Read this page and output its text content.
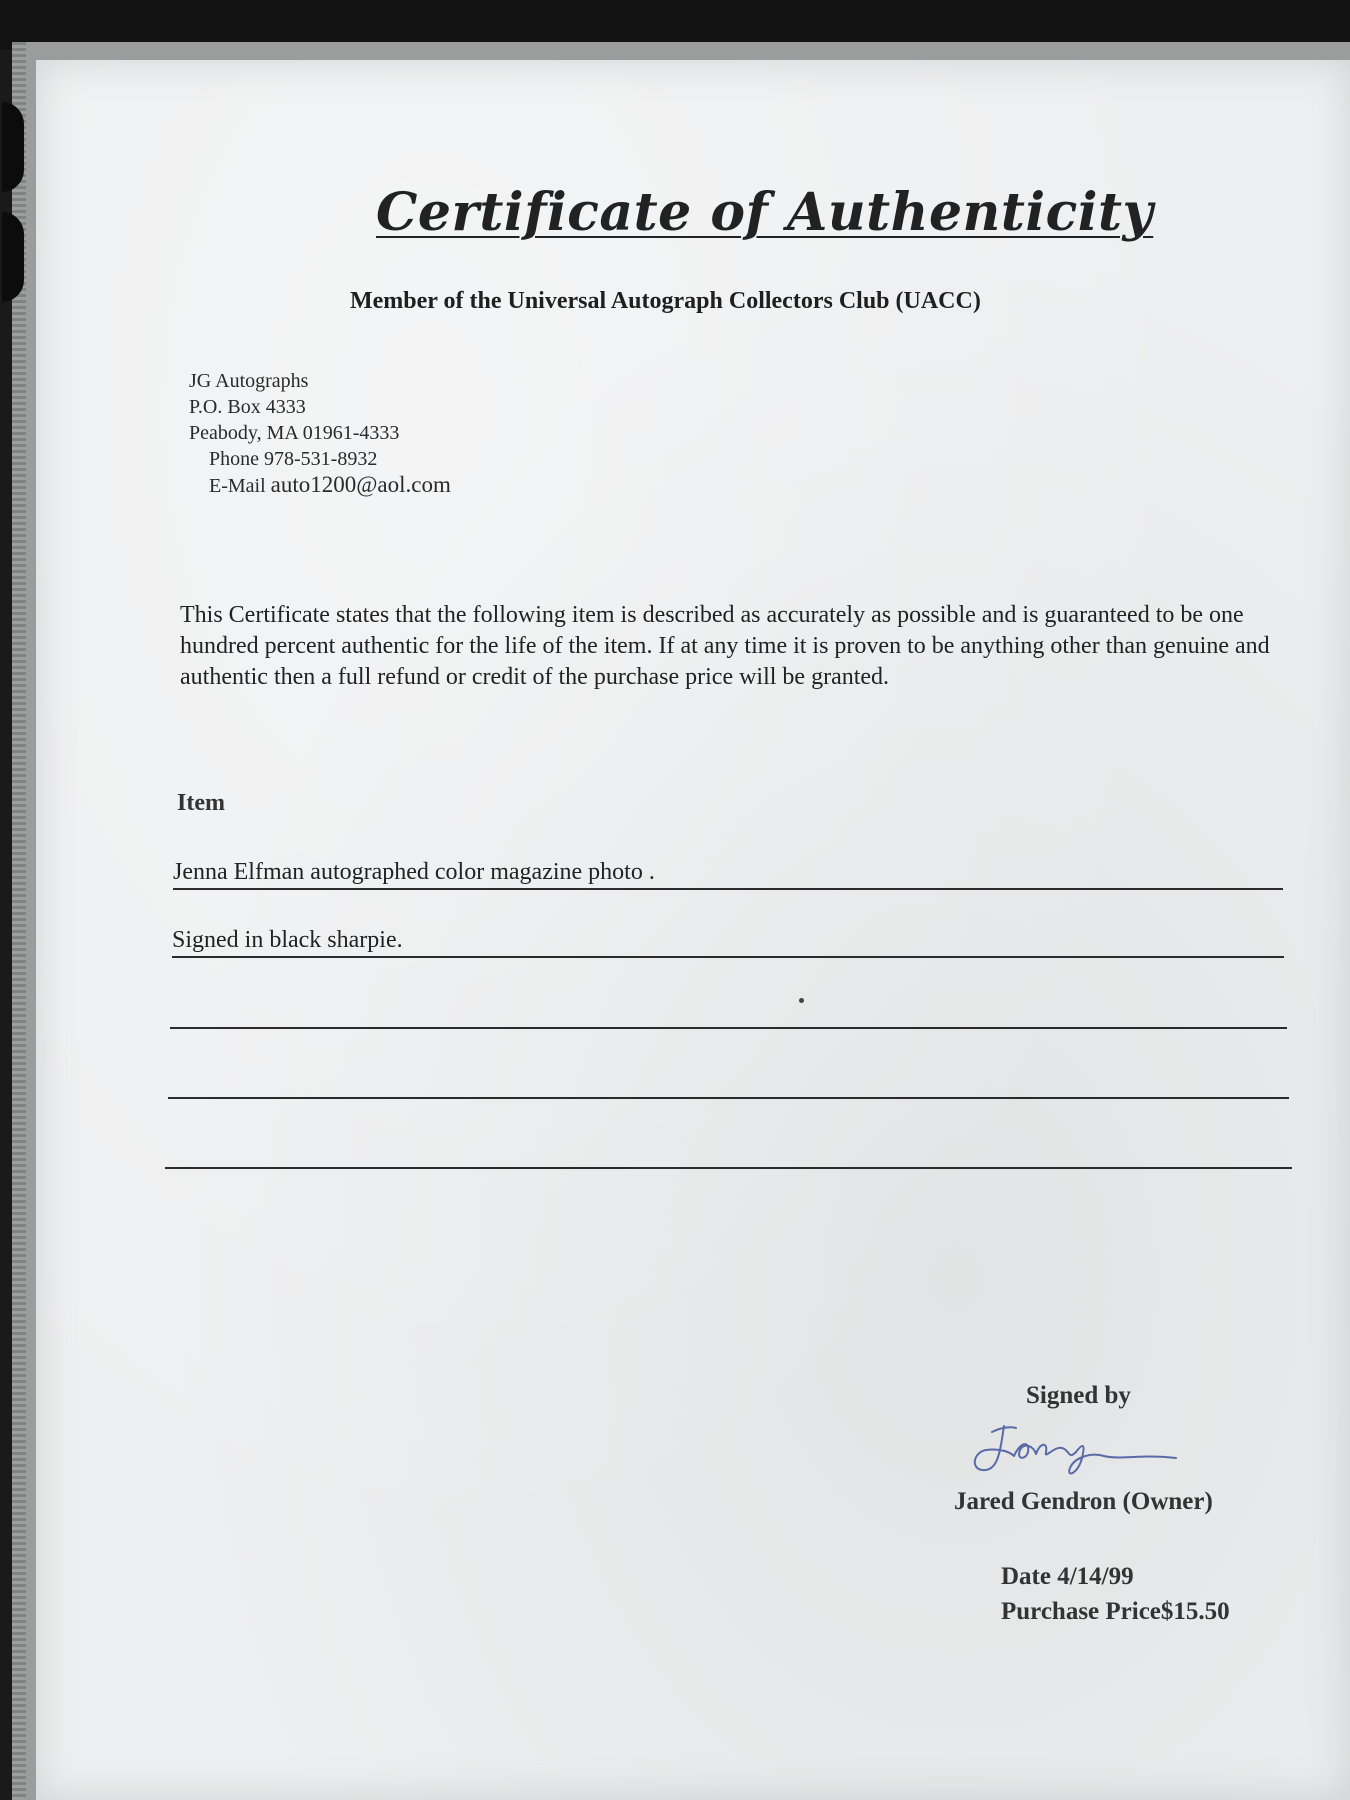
Certificate of Authenticity
Member of the Universal Autograph Collectors Club (UACC)
JG Autographs
P.O. Box 4333
Peabody, MA 01961-4333
Phone 978-531-8932
E-Mail auto1200@aol.com
This Certificate states that the following item is described as accurately as possible and is guaranteed to be one hundred percent authentic for the life of the item. If at any time it is proven to be anything other than genuine and authentic then a full refund or credit of the purchase price will be granted.
Item
Jenna Elfman autographed color magazine photo .
Signed in black sharpie.
Signed by
Jared Gendron (Owner)
Date 4/14/99
Purchase Price$15.50
